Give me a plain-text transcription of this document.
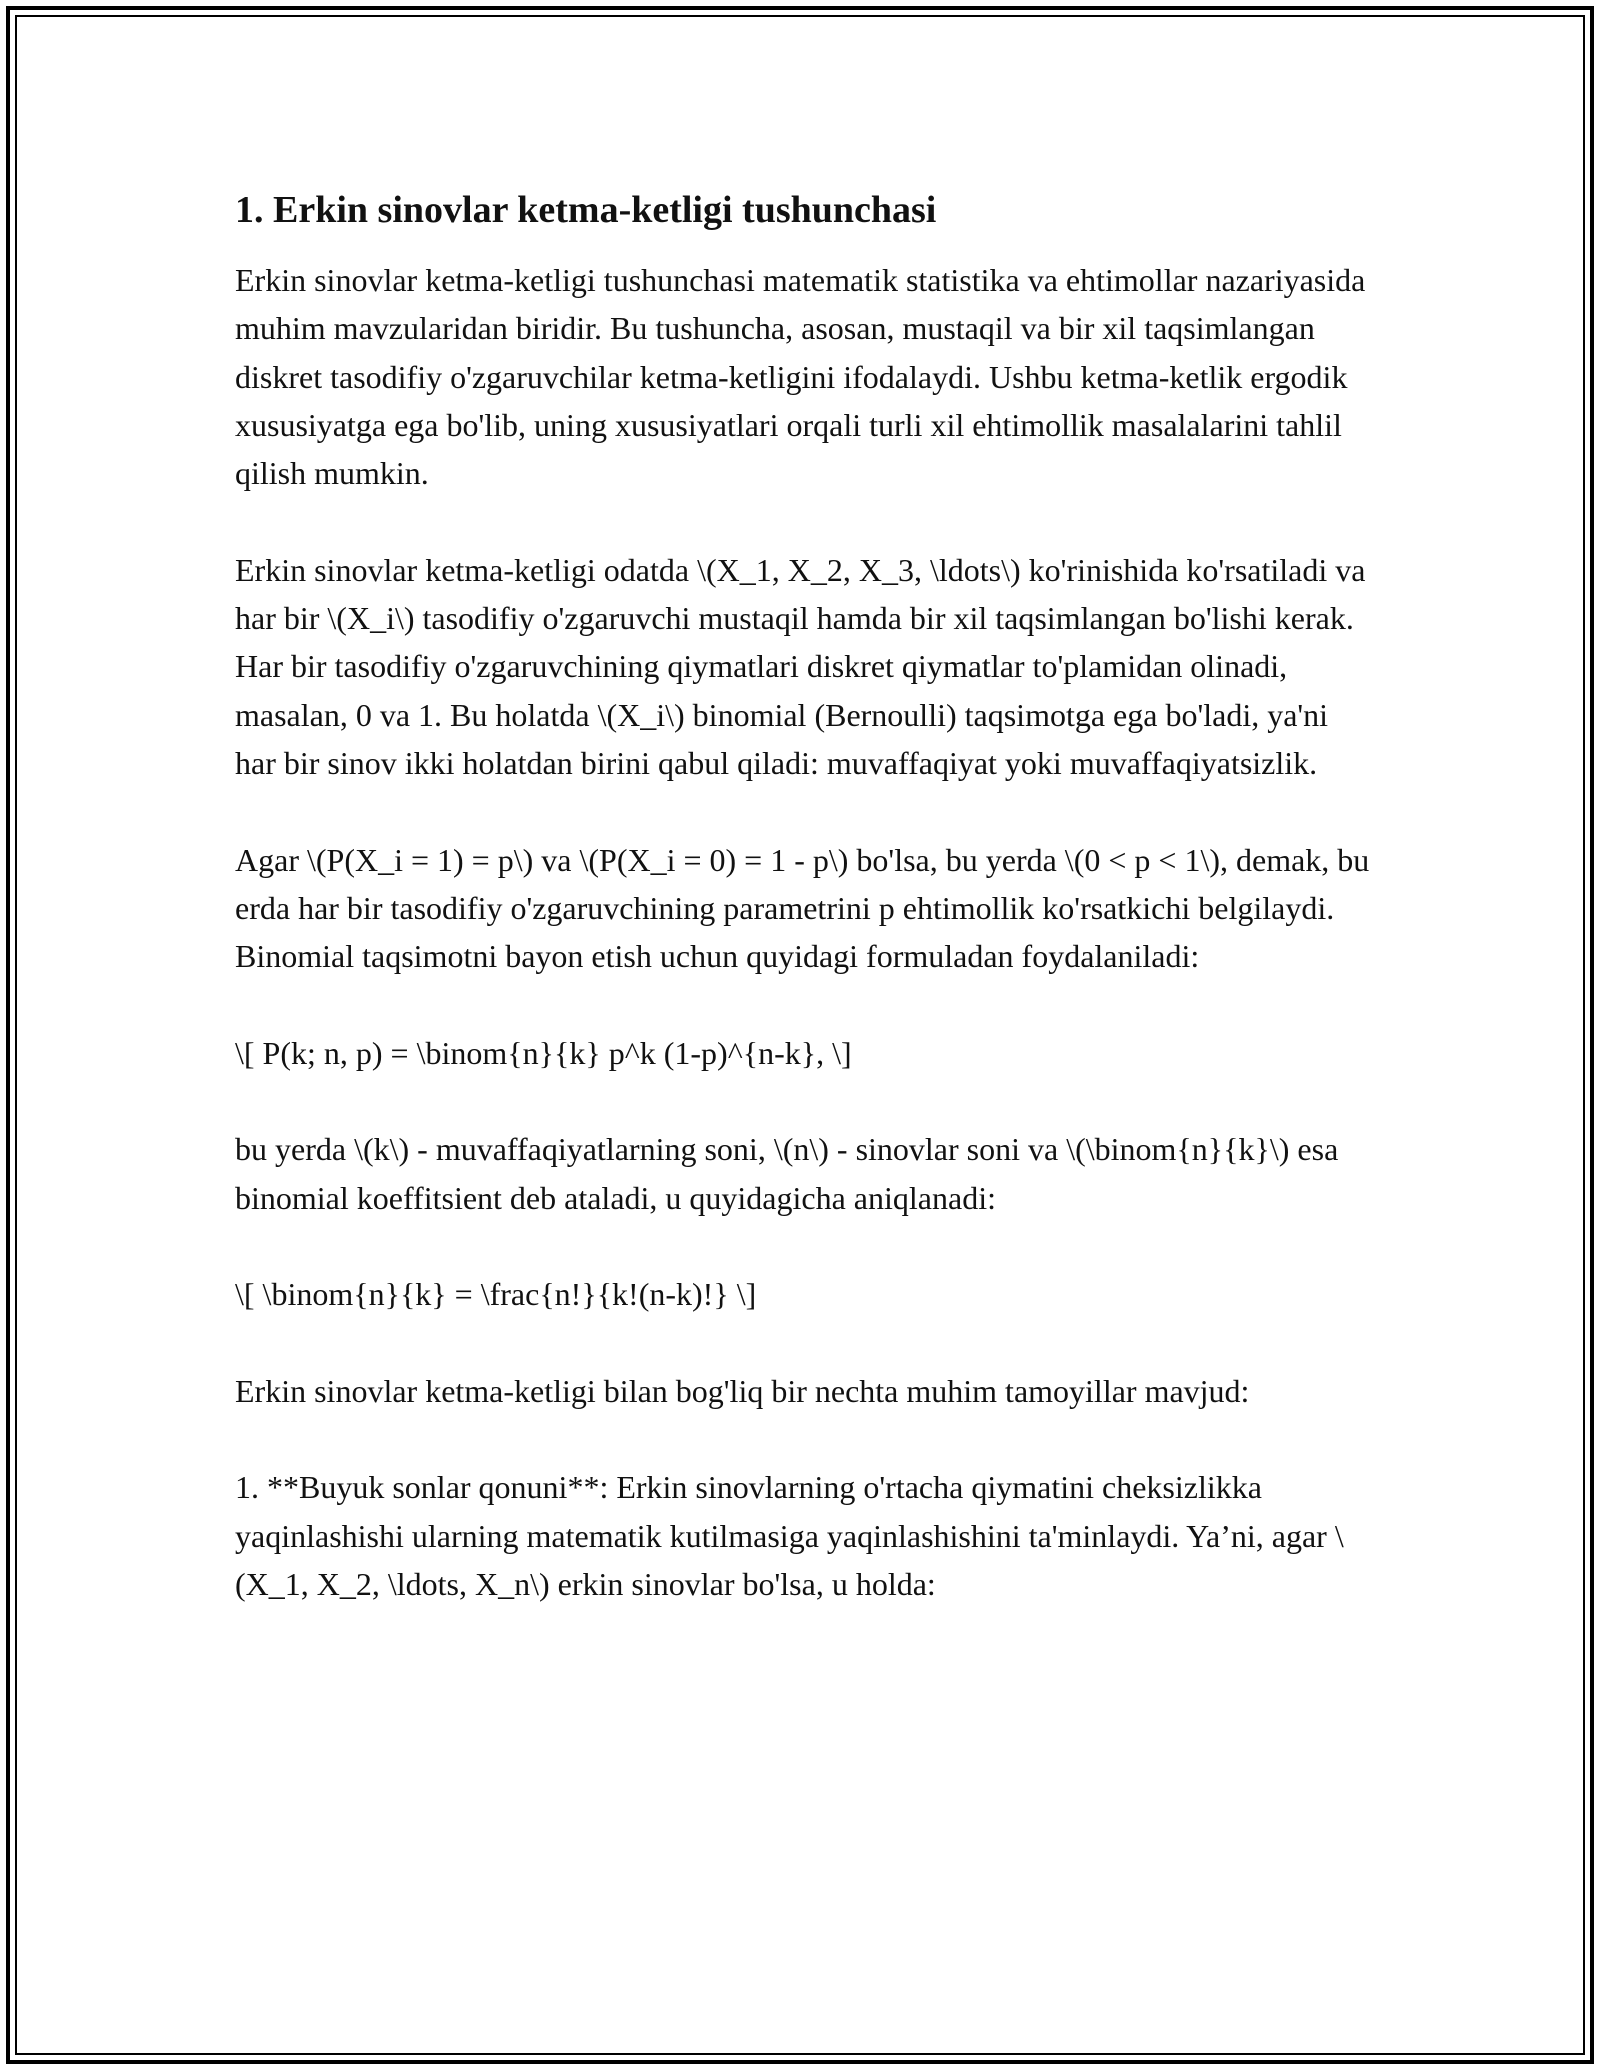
1. Erkin sinovlar ketma-ketligi tushunchasi

Erkin sinovlar ketma-ketligi tushunchasi matematik statistika va ehtimollar nazariyasida muhim mavzularidan biridir. Bu tushuncha, asosan, mustaqil va bir xil taqsimlangan diskret tasodifiy o'zgaruvchilar ketma-ketligini ifodalaydi. Ushbu ketma-ketlik ergodik xususiyatga ega bo'lib, uning xususiyatlari orqali turli xil ehtimollik masalalarini tahlil qilish mumkin.

Erkin sinovlar ketma-ketligi odatda \(X_1, X_2, X_3, \ldots\) ko'rinishida ko'rsatiladi va har bir \(X_i\) tasodifiy o'zgaruvchi mustaqil hamda bir xil taqsimlangan bo'lishi kerak. Har bir tasodifiy o'zgaruvchining qiymatlari diskret qiymatlar to'plamidan olinadi, masalan, 0 va 1. Bu holatda \(X_i\) binomial (Bernoulli) taqsimotga ega bo'ladi, ya'ni har bir sinov ikki holatdan birini qabul qiladi: muvaffaqiyat yoki muvaffaqiyatsizlik.

Agar \(P(X_i = 1) = p\) va \(P(X_i = 0) = 1 - p\) bo'lsa, bu yerda \(0 < p < 1\), demak, bu erda har bir tasodifiy o'zgaruvchining parametrini p ehtimollik ko'rsatkichi belgilaydi. Binomial taqsimotni bayon etish uchun quyidagi formuladan foydalaniladi:

\[ P(k; n, p) = \binom{n}{k} p^k (1-p)^{n-k}, \]

bu yerda \(k\) - muvaffaqiyatlarning soni, \(n\) - sinovlar soni va \(\binom{n}{k}\) esa binomial koeffitsient deb ataladi, u quyidagicha aniqlanadi:

\[ \binom{n}{k} = \frac{n!}{k!(n-k)!} \]

Erkin sinovlar ketma-ketligi bilan bog'liq bir nechta muhim tamoyillar mavjud:

1. **Buyuk sonlar qonuni**: Erkin sinovlarning o'rtacha qiymatini cheksizlikka yaqinlashishi ularning matematik kutilmasiga yaqinlashishini ta'minlaydi. Ya’ni, agar \(X_1, X_2, \ldots, X_n\) erkin sinovlar bo'lsa, u holda:
